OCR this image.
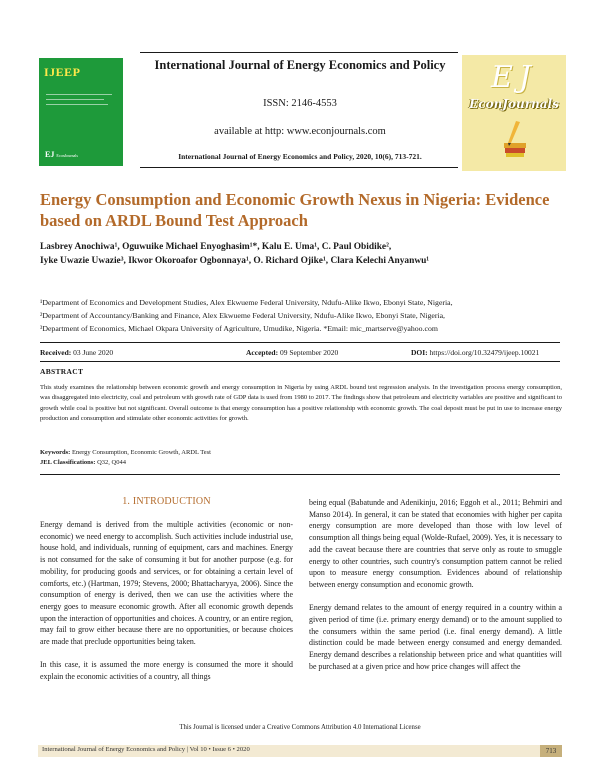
IJEEP
EJ EconJournals
International Journal of Energy Economics and Policy
ISSN: 2146-4553
available at http: www.econjournals.com
International Journal of Energy Economics and Policy, 2020, 10(6), 713-721.
EJ
EconJournals
Energy Consumption and Economic Growth Nexus in Nigeria: Evidence based on ARDL Bound Test Approach
Lasbrey Anochiwa¹, Oguwuike Michael Enyoghasim¹*, Kalu E. Uma¹, C. Paul Obidike²,
Iyke Uwazie Uwazie³, Ikwor Okoroafor Ogbonnaya¹, O. Richard Ojike¹, Clara Kelechi Anyanwu¹
¹Department of Economics and Development Studies, Alex Ekwueme Federal University, Ndufu-Alike Ikwo, Ebonyi State, Nigeria,
²Department of Accountancy/Banking and Finance, Alex Ekwueme Federal University, Ndufu-Alike Ikwo, Ebonyi State, Nigeria,
³Department of Economics, Michael Okpara University of Agriculture, Umudike, Nigeria. *Email: mic_martserve@yahoo.com
Received: 03 June 2020	Accepted: 09 September 2020	DOI: https://doi.org/10.32479/ijeep.10021
ABSTRACT
This study examines the relationship between economic growth and energy consumption in Nigeria by using ARDL bound test regression analysis. In the investigation process energy consumption, was disaggregated into electricity, coal and petroleum with growth rate of GDP data is used from 1980 to 2017. The findings show that petroleum and electricity variables are positive and significant to growth while coal is positive but not significant. Overall outcome is that energy consumption has a positive relationship with economic growth. The coal deposit must be put in use to increase energy production and consumption and stimulate other economic activities for growth.
Keywords: Energy Consumption, Economic Growth, ARDL Test
JEL Classifications: Q32, Q044
1. INTRODUCTION

Energy demand is derived from the multiple activities (economic or non-economic) we need energy to accomplish. Such activities include industrial use, house hold, and individuals, running of equipment, cars and machines. Energy is not consumed for the sake of consuming it but for another purpose (e.g. for mobility, for producing goods and services, or for obtaining a certain level of comforts, etc.) (Hartman, 1979; Stevens, 2000; Bhattacharyya, 2006). Since the consumption of energy is derived, then we can use the activities where the energy goes to measure economic growth. After all economic growth depends upon the interaction of opportunities and choices. A country, or an entire region, may fail to grow either because there are no opportunities, or because choices are made that preclude opportunities being taken.

In this case, it is assumed the more energy is consumed the more it should explain the economic activities of a country, all things

being equal (Babatunde and Adenikinju, 2016; Eggoh et al., 2011; Behmiri and Manso 2014). In general, it can be stated that economies with higher per capita energy consumption are more developed than those with low level of consumption all things being equal (Wolde-Rufael, 2009). Yes, it is necessary to add the caveat because there are countries that serve only as route to smuggle energy to other countries, such country's consumption pattern cannot be relied upon to measure energy consumption. Evidences abound of relationship between energy consumption and economic growth.

Energy demand relates to the amount of energy required in a country within a given period of time (i.e. primary energy demand) or to the amount supplied to the consumers within the same period (i.e. final energy demand). A little distinction could be made between energy consumed and energy demanded. Energy demand describes a relationship between price and what quantities will be purchased at a given price and how price changes will affect the

This Journal is licensed under a Creative Commons Attribution 4.0 International License
International Journal of Energy Economics and Policy | Vol 10 • Issue 6 • 2020	713
